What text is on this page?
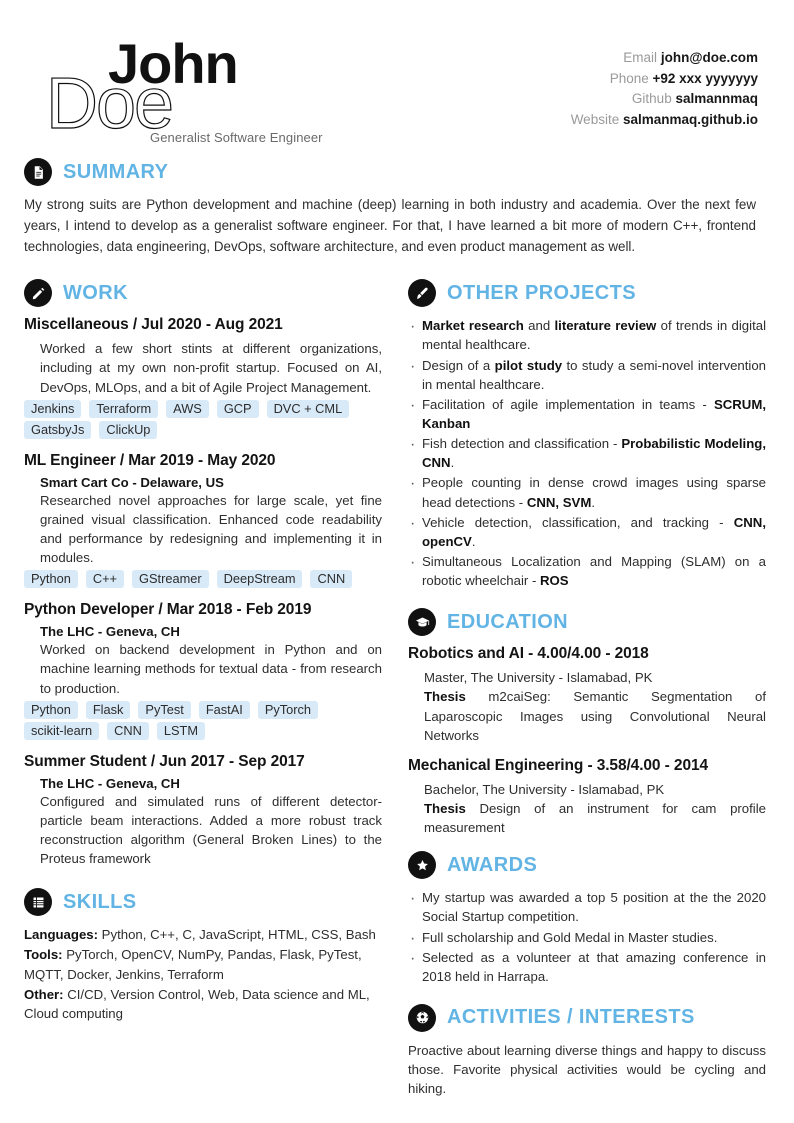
Doe
John
Generalist Software Engineer
Email john@doe.com
Phone +92 xxx yyyyyyy
Github salmannmaq
Website salmanmaq.github.io
SUMMARY
My strong suits are Python development and machine (deep) learning in both industry and academia. Over the next few years, I intend to develop as a generalist software engineer. For that, I have learned a bit more of modern C++, frontend technologies, data engineering, DevOps, software architecture, and even product management as well.
WORK
Miscellaneous / Jul 2020 - Aug 2021
Worked a few short stints at different organizations, including at my own non-profit startup. Focused on AI, DevOps, MLOps, and a bit of Agile Project Management.
Jenkins	Terraform	AWS	GCP	DVC + CML
GatsbyJs	ClickUp
ML Engineer / Mar 2019 - May 2020
Smart Cart Co - Delaware, US
Researched novel approaches for large scale, yet fine grained visual classification. Enhanced code readability and performance by redesigning and implementing it in modules.
Python	C++	GStreamer	DeepStream	CNN
Python Developer / Mar 2018 - Feb 2019
The LHC - Geneva, CH
Worked on backend development in Python and on machine learning methods for textual data - from research to production.
Python	Flask	PyTest	FastAI	PyTorch
scikit-learn	CNN	LSTM
Summer Student / Jun 2017 - Sep 2017
The LHC - Geneva, CH
Configured and simulated runs of different detector-particle beam interactions. Added a more robust track reconstruction algorithm (General Broken Lines) to the Proteus framework
SKILLS
Languages: Python, C++, C, JavaScript, HTML, CSS, Bash
Tools: PyTorch, OpenCV, NumPy, Pandas, Flask, PyTest, MQTT, Docker, Jenkins, Terraform
Other: CI/CD, Version Control, Web, Data science and ML, Cloud computing
OTHER PROJECTS
· Market research and literature review of trends in digital mental healthcare.
· Design of a pilot study to study a semi-novel intervention in mental healthcare.
· Facilitation of agile implementation in teams - SCRUM, Kanban
· Fish detection and classification - Probabilistic Modeling, CNN.
· People counting in dense crowd images using sparse head detections - CNN, SVM.
· Vehicle detection, classification, and tracking - CNN, openCV.
· Simultaneous Localization and Mapping (SLAM) on a robotic wheelchair - ROS
EDUCATION
Robotics and AI - 4.00/4.00 - 2018
Master, The University - Islamabad, PK
Thesis m2caiSeg: Semantic Segmentation of Laparoscopic Images using Convolutional Neural Networks
Mechanical Engineering - 3.58/4.00 - 2014
Bachelor, The University - Islamabad, PK
Thesis Design of an instrument for cam profile measurement
AWARDS
· My startup was awarded a top 5 position at the the 2020 Social Startup competition.
· Full scholarship and Gold Medal in Master studies.
· Selected as a volunteer at that amazing conference in 2018 held in Harrapa.
ACTIVITIES / INTERESTS
Proactive about learning diverse things and happy to discuss those. Favorite physical activities would be cycling and hiking.
